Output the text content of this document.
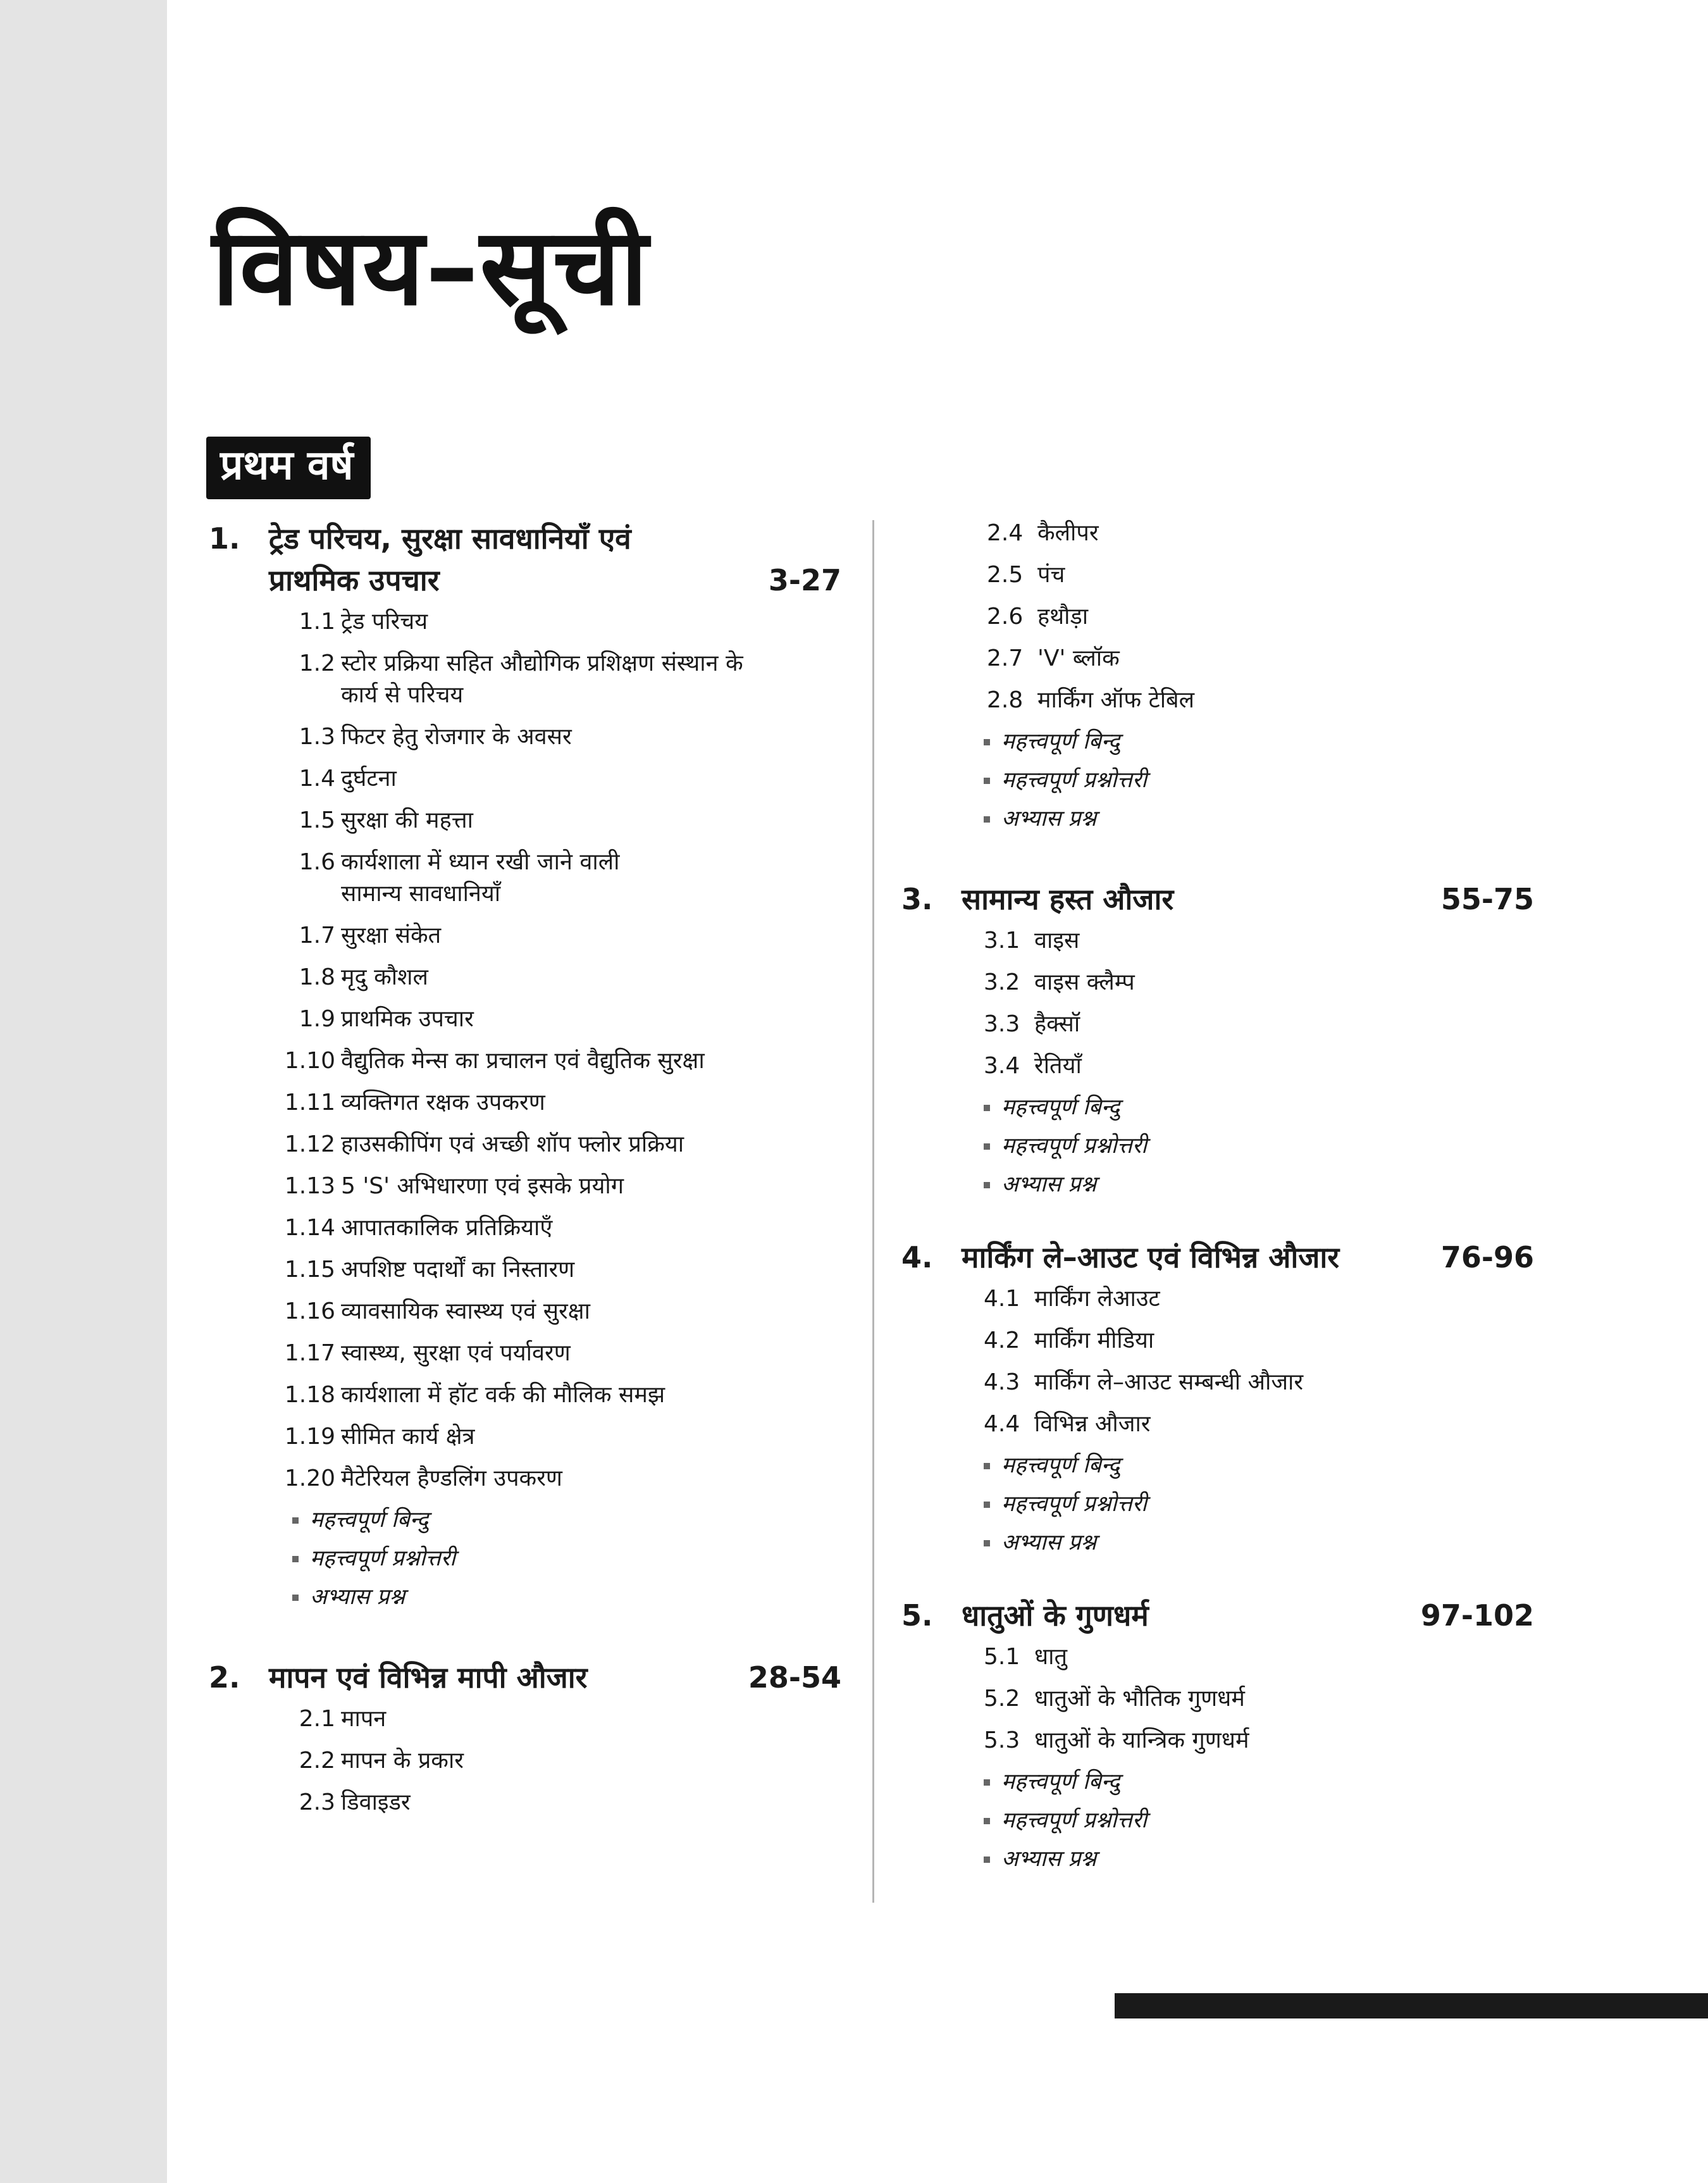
विषय–सूची
प्रथम वर्ष
1. ट्रेड परिचय, सुरक्षा सावधानियाँ एवं प्राथमिक उपचार	3-27
1.1 ट्रेड परिचय
1.2 स्टोर प्रक्रिया सहित औद्योगिक प्रशिक्षण संस्थान के कार्य से परिचय
1.3 फिटर हेतु रोजगार के अवसर
1.4 दुर्घटना
1.5 सुरक्षा की महत्ता
1.6 कार्यशाला में ध्यान रखी जाने वाली सामान्य सावधानियाँ
1.7 सुरक्षा संकेत
1.8 मृदु कौशल
1.9 प्राथमिक उपचार
1.10 वैद्युतिक मेन्स का प्रचालन एवं वैद्युतिक सुरक्षा
1.11 व्यक्तिगत रक्षक उपकरण
1.12 हाउसकीपिंग एवं अच्छी शॉप फ्लोर प्रक्रिया
1.13 5 'S' अभिधारणा एवं इसके प्रयोग
1.14 आपातकालिक प्रतिक्रियाएँ
1.15 अपशिष्ट पदार्थों का निस्तारण
1.16 व्यावसायिक स्वास्थ्य एवं सुरक्षा
1.17 स्वास्थ्य, सुरक्षा एवं पर्यावरण
1.18 कार्यशाला में हॉट वर्क की मौलिक समझ
1.19 सीमित कार्य क्षेत्र
1.20 मैटेरियल हैण्डलिंग उपकरण
महत्त्वपूर्ण बिन्दु
महत्त्वपूर्ण प्रश्नोत्तरी
अभ्यास प्रश्न
2. मापन एवं विभिन्न मापी औजार	28-54
2.1 मापन
2.2 मापन के प्रकार
2.3 डिवाइडर
2.4 कैलीपर
2.5 पंच
2.6 हथौड़ा
2.7 'V' ब्लॉक
2.8 मार्किंग ऑफ टेबिल
महत्त्वपूर्ण बिन्दु
महत्त्वपूर्ण प्रश्नोत्तरी
अभ्यास प्रश्न
3. सामान्य हस्त औजार	55-75
3.1 वाइस
3.2 वाइस क्लैम्प
3.3 हैक्सॉ
3.4 रेतियाँ
महत्त्वपूर्ण बिन्दु
महत्त्वपूर्ण प्रश्नोत्तरी
अभ्यास प्रश्न
4. मार्किंग ले–आउट एवं विभिन्न औजार	76-96
4.1 मार्किंग लेआउट
4.2 मार्किंग मीडिया
4.3 मार्किंग ले–आउट सम्बन्धी औजार
4.4 विभिन्न औजार
महत्त्वपूर्ण बिन्दु
महत्त्वपूर्ण प्रश्नोत्तरी
अभ्यास प्रश्न
5. धातुओं के गुणधर्म	97-102
5.1 धातु
5.2 धातुओं के भौतिक गुणधर्म
5.3 धातुओं के यान्त्रिक गुणधर्म
महत्त्वपूर्ण बिन्दु
महत्त्वपूर्ण प्रश्नोत्तरी
अभ्यास प्रश्न
